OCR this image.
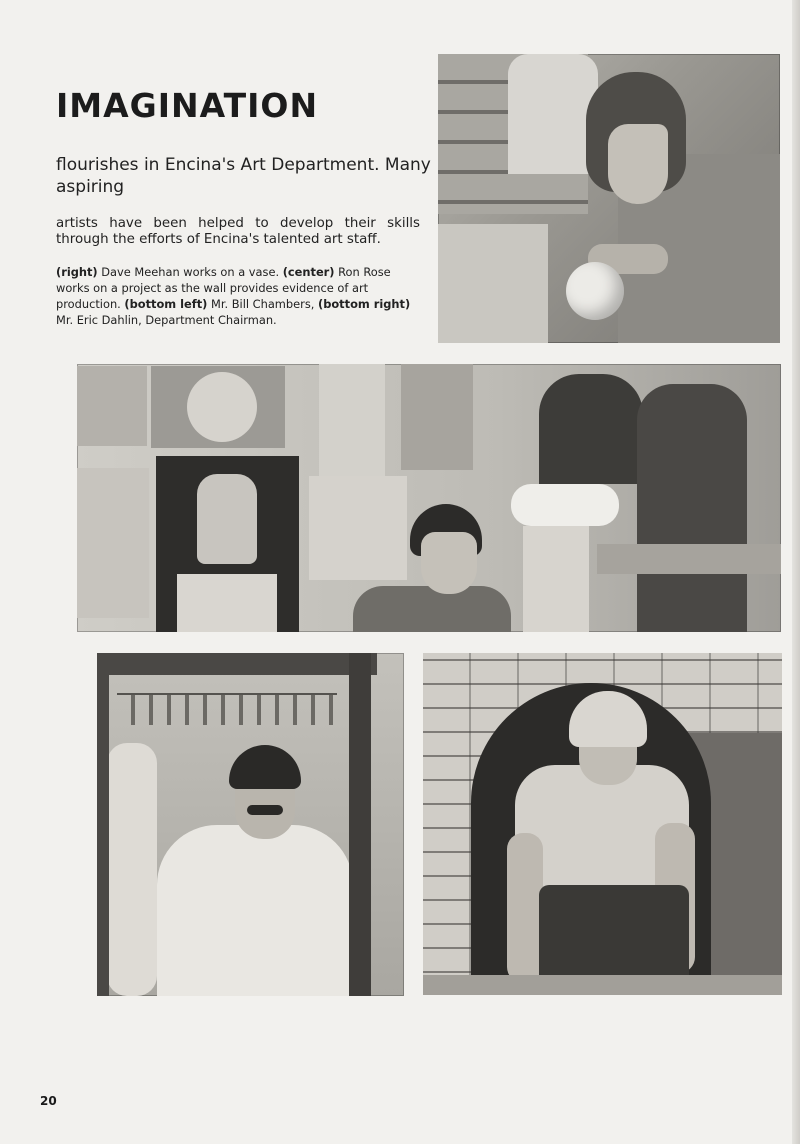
IMAGINATION

flourishes in Encina's Art Department. Many aspiring

artists have been helped to develop their skills through the efforts of Encina's talented art staff.

(right) Dave Meehan works on a vase. (center) Ron Rose works on a project as the wall provides evidence of art production. (bottom left) Mr. Bill Chambers, (bottom right) Mr. Eric Dahlin, Department Chairman.

20
